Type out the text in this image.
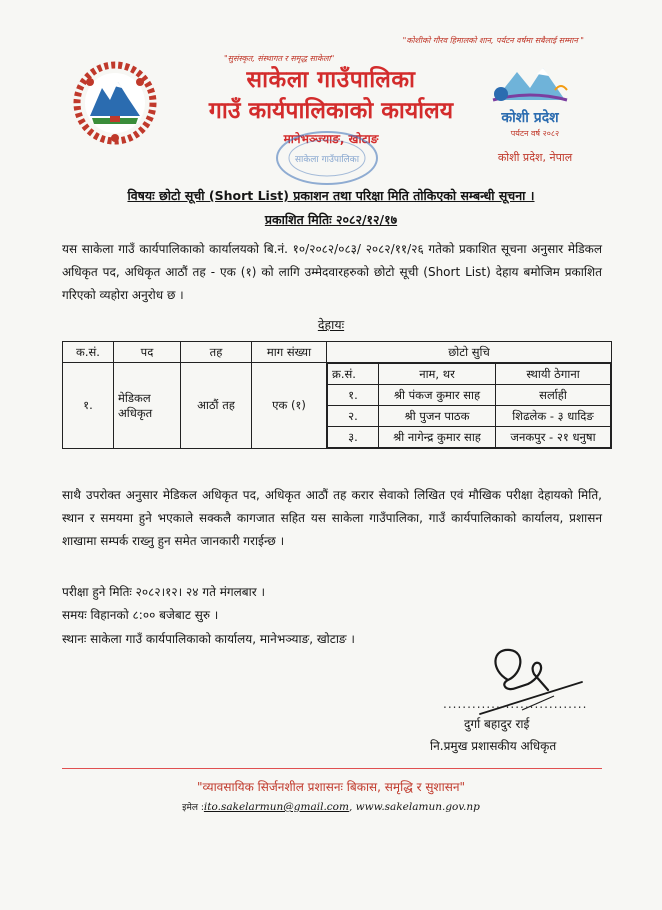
"कोशीको गौरव हिमालको शान, पर्यटन वर्षमा सबैलाई सम्मान "
"सुसंस्कृत, संस्थागत र समृद्ध साकेला"
साकेला गाउँपालिका
गाउँ कार्यपालिकाको कार्यालय
मानेभञ्ज्याङ, खोटाङ
कोशी प्रदेश
पर्यटन वर्ष २०८२
कोशी प्रदेश, नेपाल
साकेला गाउँपालिका
विषयः छोटो सूची (Short List) प्रकाशन तथा परिक्षा मिति तोकिएको सम्बन्धी सूचना ।
प्रकाशित मितिः २०८२/१२/१७
यस साकेला गाउँ कार्यपालिकाको कार्यालयको बि.नं. १०/२०८२/०८३/ २०८२/११/२६ गतेको प्रकाशित सूचना अनुसार मेडिकल अधिकृत पद, अधिकृत आठौं तह - एक (१) को लागि उम्मेदवारहरुको छोटो सूची (Short List) देहाय बमोजिम प्रकाशित गरिएको व्यहोरा अनुरोध छ ।
देहायः
क.सं.	पद	तह	माग संख्या	छोटो सुचि
१.	मेडिकल अधिकृत	आठौं तह	एक (१)	
क्र.सं.	नाम, थर	स्थायी ठेगाना
१.	श्री पंकज कुमार साह	सर्लाही
२.	श्री पुजन पाठक	शिढलेक - ३ धादिङ
३.	श्री नागेन्द्र कुमार साह	जनकपुर - २१ धनुषा
साथै उपरोक्त अनुसार मेडिकल अधिकृत पद, अधिकृत आठौं तह करार सेवाको लिखित एवं मौखिक परीक्षा देहायको मिति, स्थान र समयमा हुने भएकाले सक्कलै कागजात सहित यस साकेला गाउँपालिका, गाउँ कार्यपालिकाको कार्यालय, प्रशासन शाखामा सम्पर्क राख्नु हुन समेत जानकारी गराईन्छ ।
परीक्षा हुने मितिः २०८२।१२। २४ गते मंगलबार ।
समयः विहानको ८:०० बजेबाट सुरु ।
स्थानः साकेला गाउँ कार्यपालिकाको कार्यालय, मानेभञ्याङ, खोटाङ ।
..............................
दुर्गा बहादुर राई
नि.प्रमुख प्रशासकीय अधिकृत
"व्यावसायिक सिर्जनशील प्रशासनः बिकास, समृद्धि र सुशासन"
इमेल :ito.sakelarmun@gmail.com, www.sakelamun.gov.np
